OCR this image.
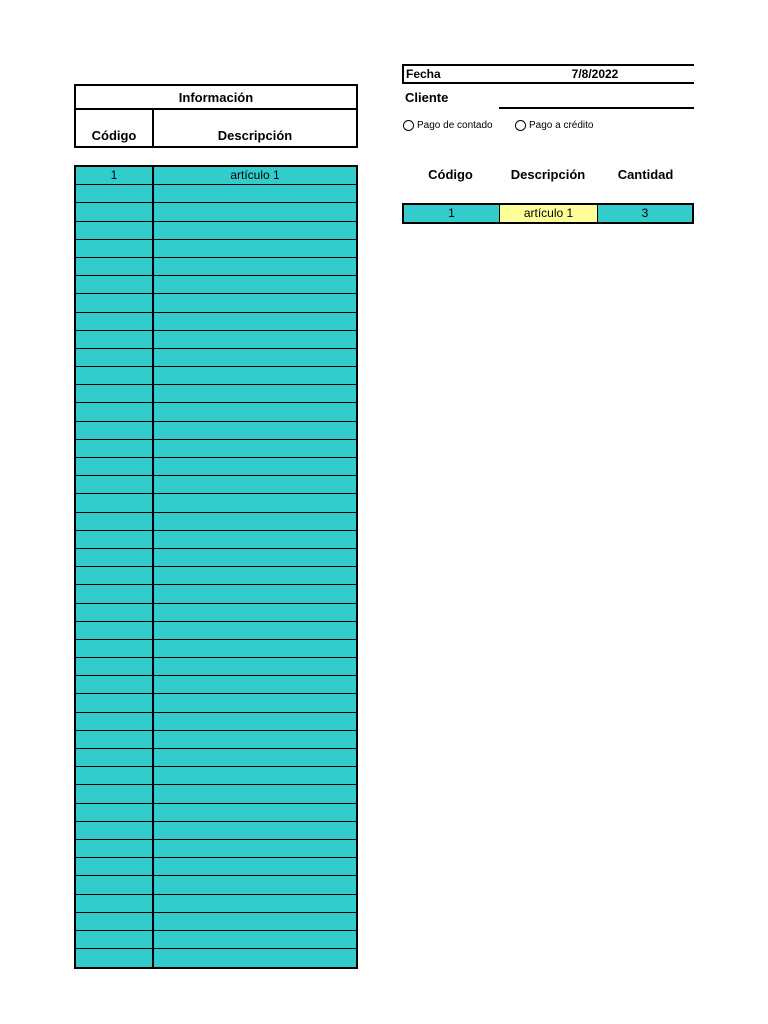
Información
Código	Descripción
1	artículo 1
Fecha	7/8/2022
Cliente
Pago de contado	Pago a crédito
Código	Descripción	Cantidad
1	artículo 1	3
